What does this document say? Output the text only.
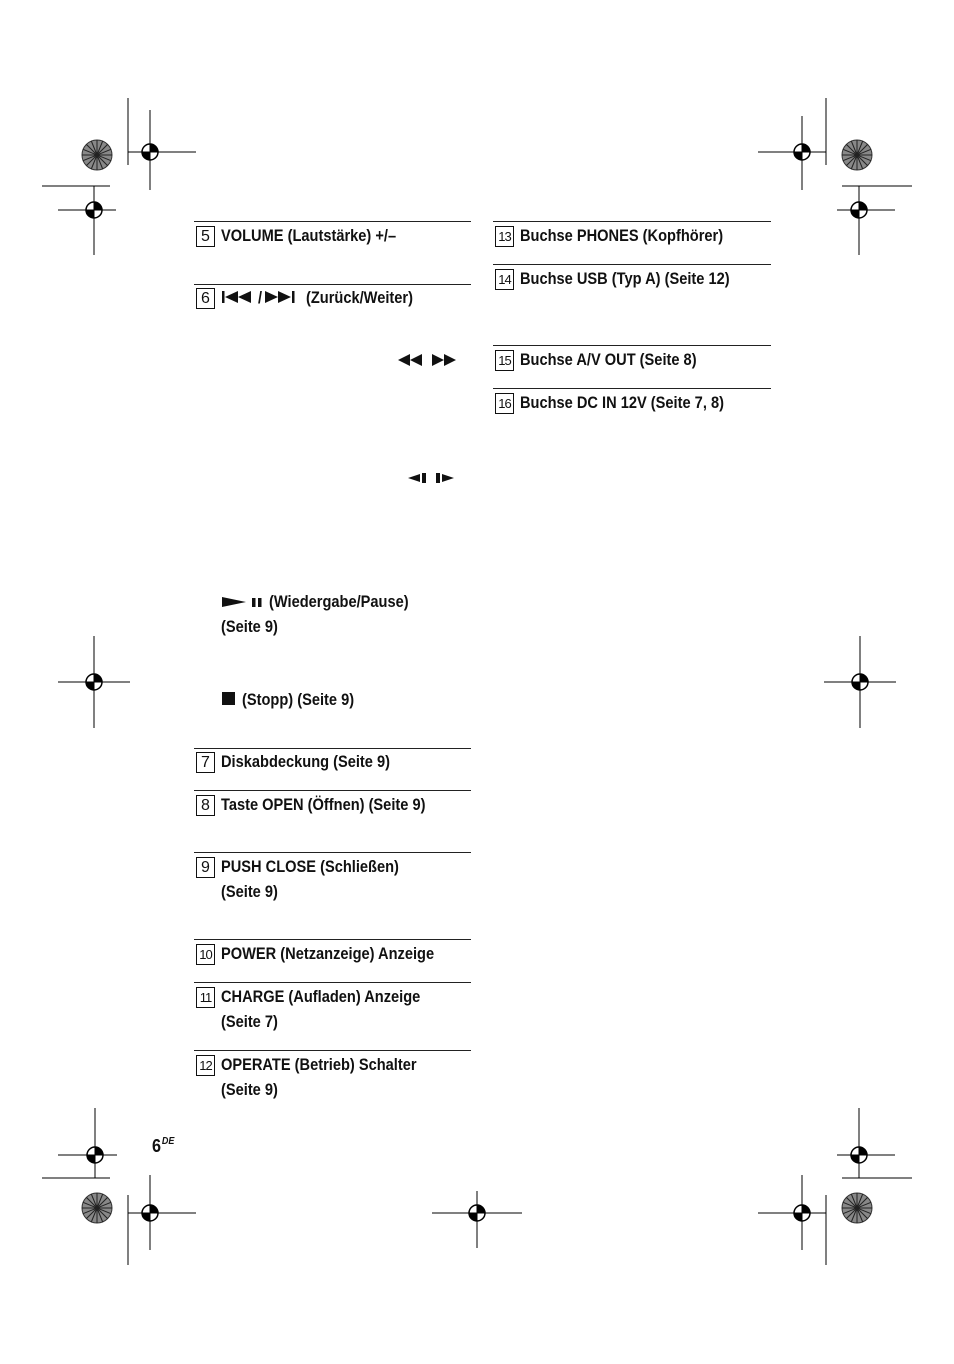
5 VOLUME (Lautstärke) +/–
6	/	(Zurück/Weiter)
(Wiedergabe/Pause)
(Seite 9)
(Stopp) (Seite 9)
7 Diskabdeckung (Seite 9)
8 Taste OPEN (Öffnen) (Seite 9)
9 PUSH CLOSE (Schließen)
(Seite 9)
10 POWER (Netzanzeige) Anzeige
11 CHARGE (Aufladen) Anzeige
(Seite 7)
12 OPERATE (Betrieb) Schalter
(Seite 9)
13 Buchse PHONES (Kopfhörer)
14 Buchse USB (Typ A) (Seite 12)
15 Buchse A/V OUT (Seite 8)
16 Buchse DC IN 12V (Seite 7, 8)
6DE
